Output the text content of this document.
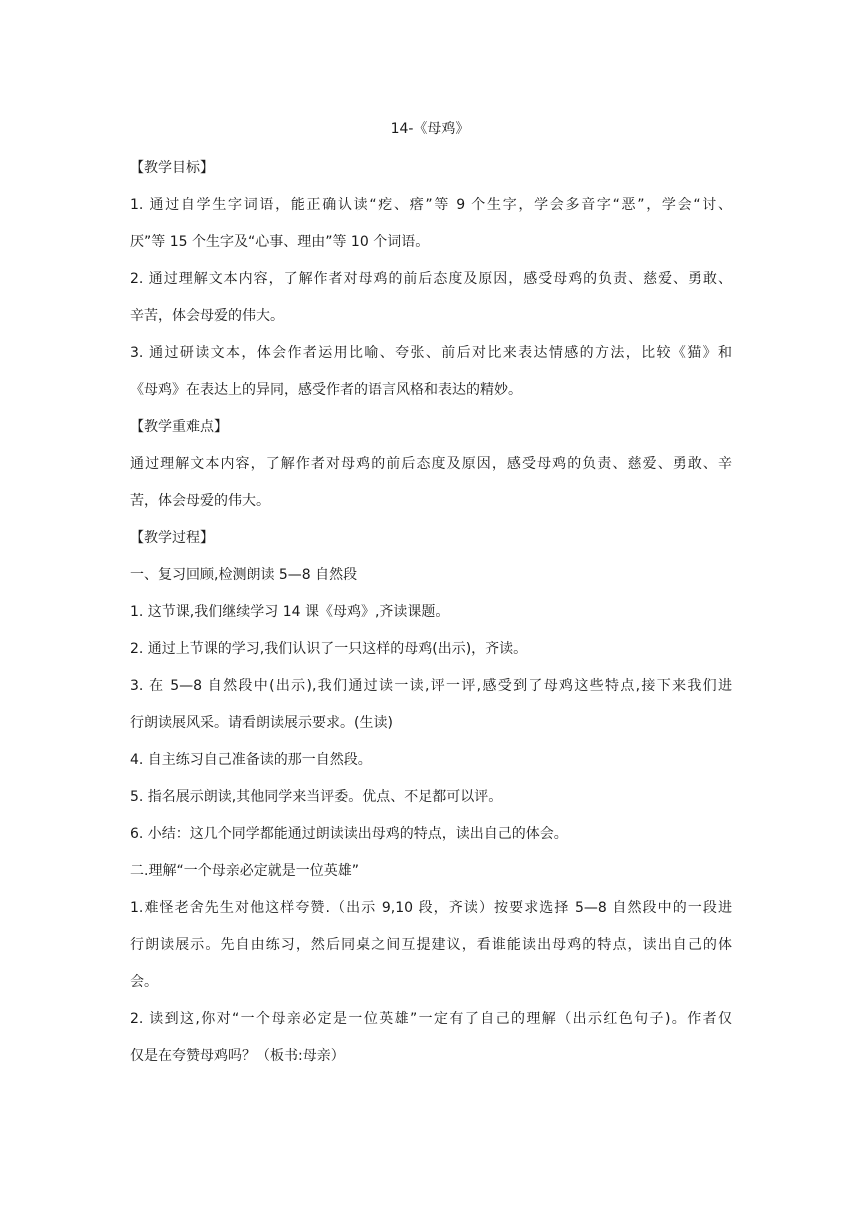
14-《母鸡》
【教学目标】
1. 通过自学生字词语，能正确认读“疙、瘩”等 9 个生字，学会多音字“恶”，学会“讨、
厌”等 15 个生字及“心事、理由”等 10 个词语。
2. 通过理解文本内容，了解作者对母鸡的前后态度及原因，感受母鸡的负责、慈爱、勇敢、
辛苦，体会母爱的伟大。
3. 通过研读文本，体会作者运用比喻、夸张、前后对比来表达情感的方法，比较《猫》和
《母鸡》在表达上的异同，感受作者的语言风格和表达的精妙。
【教学重难点】
通过理解文本内容，了解作者对母鸡的前后态度及原因，感受母鸡的负责、慈爱、勇敢、辛
苦，体会母爱的伟大。
【教学过程】
一、复习回顾,检测朗读 5—8 自然段
1. 这节课,我们继续学习 14 课《母鸡》,齐读课题。
2. 通过上节课的学习,我们认识了一只这样的母鸡(出示)，齐读。
3. 在 5—8 自然段中(出示),我们通过读一读,评一评,感受到了母鸡这些特点,接下来我们进
行朗读展风采。请看朗读展示要求。(生读)
4. 自主练习自己准备读的那一自然段。
5. 指名展示朗读,其他同学来当评委。优点、不足都可以评。
6. 小结：这几个同学都能通过朗读读出母鸡的特点，读出自己的体会。
二.理解“一个母亲必定就是一位英雄”
1.难怪老舍先生对他这样夸赞.（出示 9,10 段，齐读）按要求选择 5—8 自然段中的一段进
行朗读展示。先自由练习，然后同桌之间互提建议，看谁能读出母鸡的特点，读出自己的体
会。
2. 读到这,你对“一个母亲必定是一位英雄”一定有了自己的理解（出示红色句子)。作者仅
仅是在夸赞母鸡吗？（板书:母亲）
